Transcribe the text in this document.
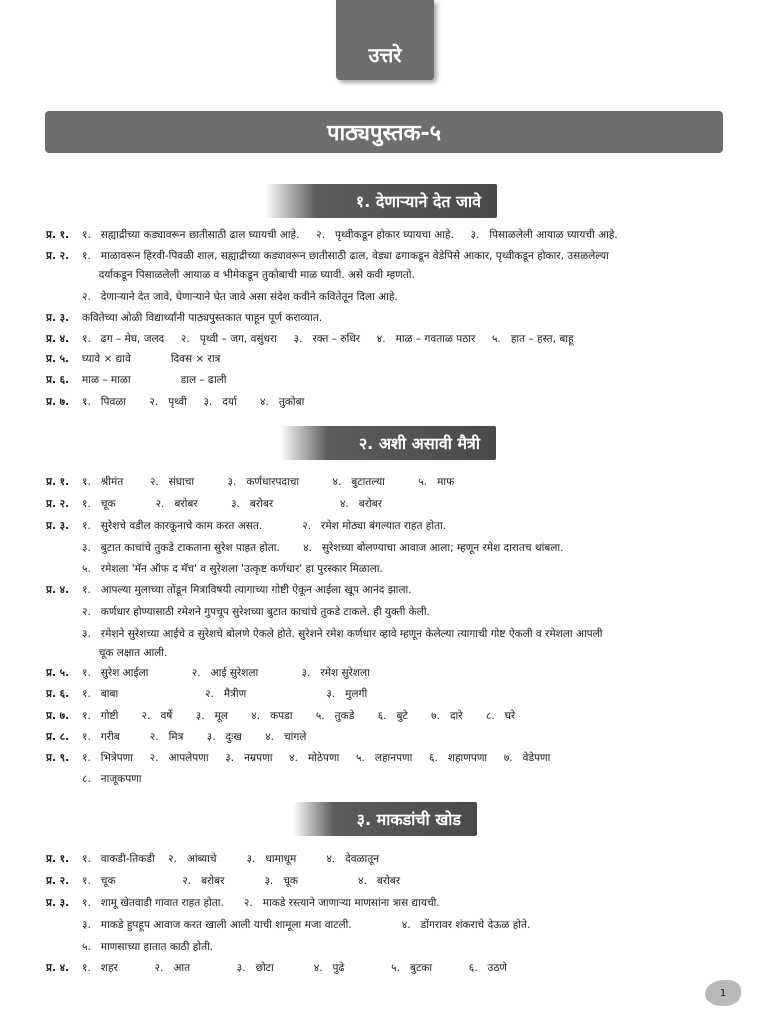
उत्तरे
पाठ्यपुस्तक-५
१. देणाऱ्याने देत जावे
प्र. १. १.   सह्याद्रीच्या कड्यावरून छातीसाठी ढाल घ्यायची आहे.     २.   पृथ्वीकडून होकार घ्यायचा आहे.     ३.   पिसाळलेली आयाळ घ्यायची आहे.
प्र. २. १.   माळावरून हिरवी-पिवळी शाल, सह्याद्रीच्या कड्यावरून छातीसाठी ढाल, वेड्या ढगाकडून वेडेपिसे आकार, पृथ्वीकडून होकार, उसळलेल्या
दर्याकडून पिसाळलेली आयाळ व भीमेकडून तुकोबाची माळ घ्यावी. असे कवी म्हणतो.
२.   देणाऱ्याने देत जावे, घेणाऱ्याने घेत जावे असा संदेश कवीने कवितेतून दिला आहे.
प्र. ३. कवितेच्या ओळी विद्यार्थ्यांनी पाठ्यपुस्तकात पाहून पूर्ण कराव्यात.
प्र. ४. १.   ढग – मेघ, जलद     २.   पृथ्वी – जग, वसुंधरा     ३.   रक्त – रुधिर     ४.   माळ – गवताळ पठार     ५.   हात – हस्त, बाहू
प्र. ५. घ्यावे × द्यावे            दिवस × रात्र
प्र. ६. माळ – माळा               डाल – ढाली
प्र. ७. १.   पिवळा       २.   पृथ्वी     ३.   दर्या       ४.   तुकोबा
२. अशी असावी मैत्री
प्र. १. १.   श्रीमंत        २.   संघाचा          ३.   कर्णधारपदाचा          ४.   बुटातल्या          ५.   माफ
प्र. २. १.   चूक            २.   बरोबर          ३.   बरोबर                    ४.   बरोबर
प्र. ३. १.   सुरेशचे वडील कारकूनाचे काम करत असत.            २.   रमेश मोठ्या बंगल्यात राहत होता.
३.   बुटात काचांचे तुकडे टाकताना सुरेश पाहत होता.       ४.   सुरेशच्या बोलण्याचा आवाज आला; म्हणून रमेश दारातच थांबला.
५.   रमेशला 'मॅन ऑफ द मॅच' व सुरेशला 'उत्कृष्ट कर्णधार' हा पुरस्कार मिळाला.
प्र. ४. १.   आपल्या मुलाच्या तोंडून मित्राविषयी त्यागाच्या गोष्टी ऐकून आईला खूप आनंद झाला.
२.   कर्णधार होण्यासाठी रमेशने गुपचूप सुरेशच्या बुटात काचांचे तुकडे टाकले. ही युक्ती केली.
३.   रमेशने सुरेशच्या आईचे व सुरेशचे बोलणे ऐकले होते. सुरेशने रमेश कर्णधार व्हावे म्हणून केलेल्या त्यागाची गोष्ट ऐकली व रमेशला आपली
चूक लक्षात आली.
प्र. ५. १.   सुरेश आईला             २.   आई सुरेशला             ३.   रमेश सुरेशला
प्र. ६. १.   बाबा                          २.   मैत्रीण                        ३.   मुलगी
प्र. ७. १.   गोष्टी       २.   वर्षे       ३.   मूल       ४.   कपडा       ५.   तुकडे       ६.   बुटे       ७.   दारे       ८.   घरे
प्र. ८. १.   गरीब         २.   मित्र       ३.   दुःख       ४.   चांगले
प्र. ९. १.   भित्रेपणा     २.   आपलेपणा     ३.   नम्रपणा     ४.   मोठेपणा     ५.   लहानपणा     ६.   शहाणपणा     ७.   वेडेपणा
८.   नाजूकपणा
३. माकडांची खोड
प्र. १. १.   वाकडी-तिकडी    २.   आंब्याचे         ३.   धामाधूम         ४.   देवळातून
प्र. २. १.   चूक                    २.   बरोबर            ३.   चूक                  ४.   बरोबर
प्र. ३. १.   शामू खेतवाडी गावात राहत होता.      २.   माकडे रस्त्याने जाणाऱ्या माणसांना त्रास द्यायची.
३.   माकडे हुपहूप आवाज करत खाली आली याची शामूला मजा वाटली.               ४.   डोंगरावर शंकराचे देऊळ होते.
५.   माणसाच्या हातात काठी होती.
प्र. ४. १.   शहर           २.   आत              ३.   छोटा            ४.   पुढे              ५.   बुटका           ६.   उठणे
1
